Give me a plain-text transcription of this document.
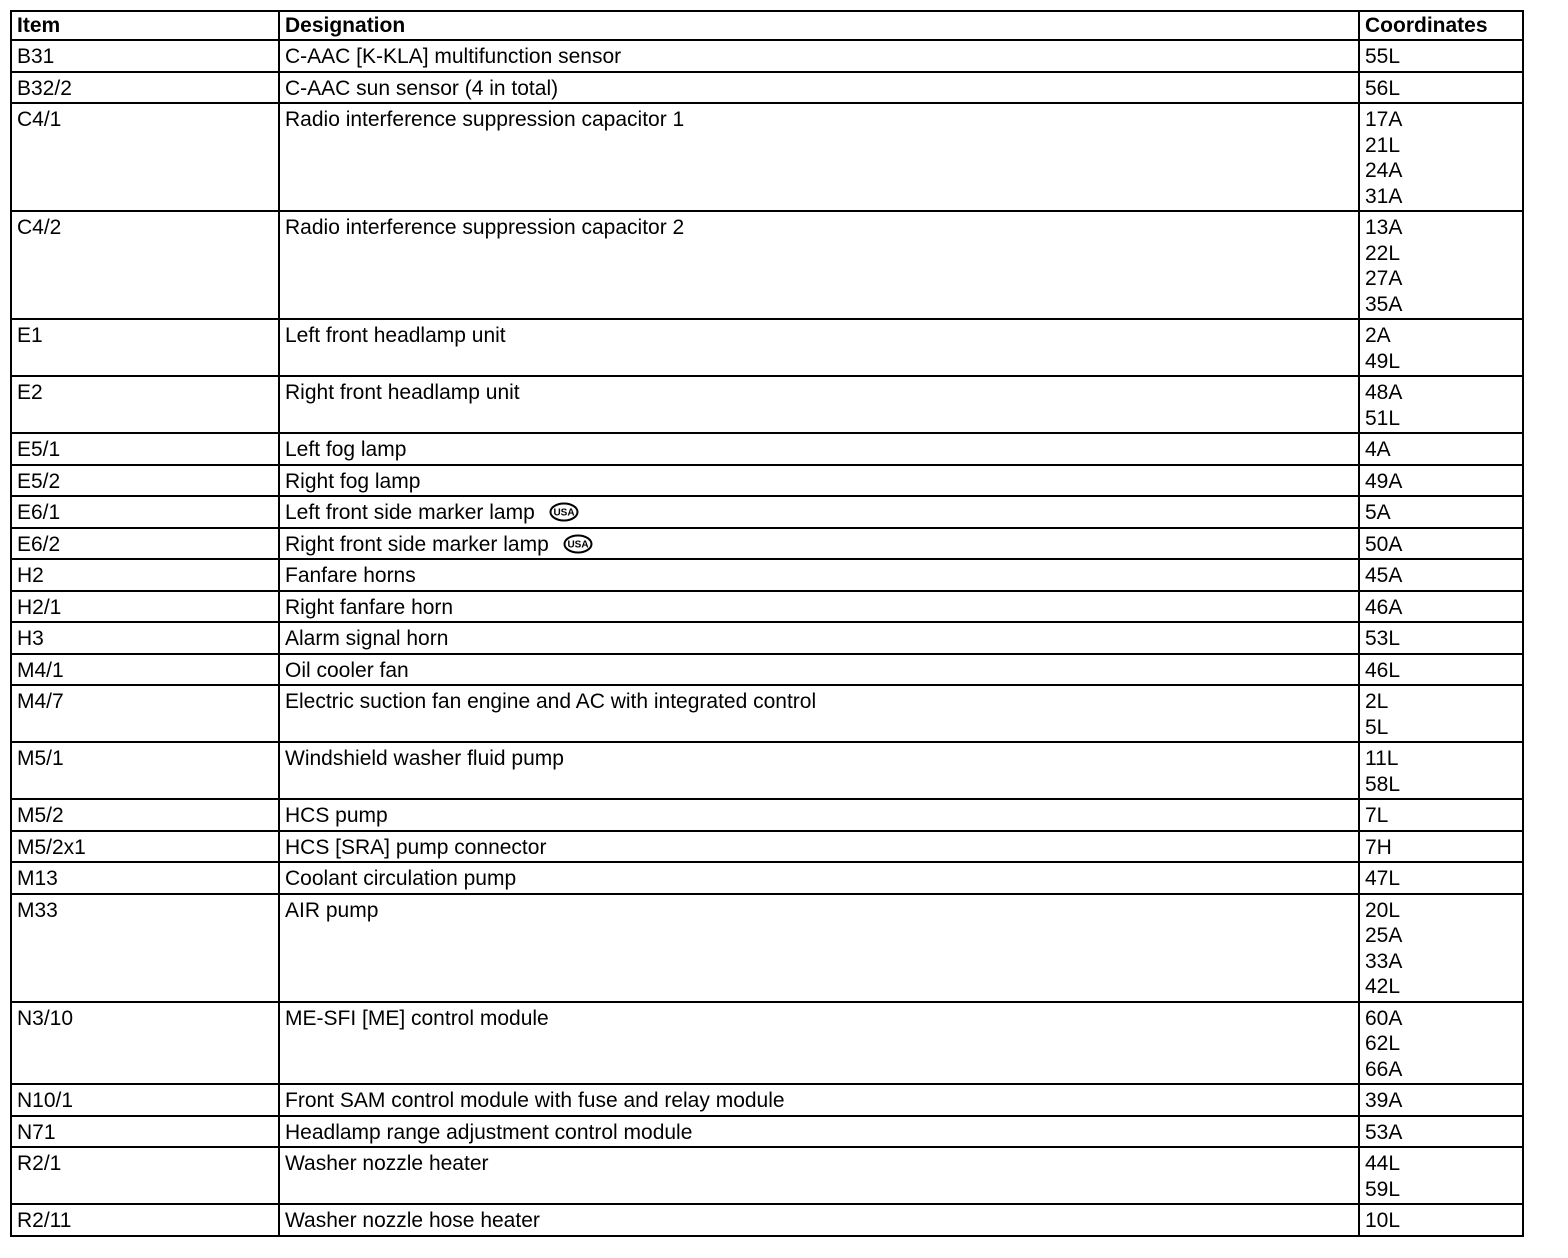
Item	Designation	Coordinates
B31	C-AAC [K-KLA] multifunction sensor	55L

B32/2	C-AAC sun sensor (4 in total)	56L

C4/1	Radio interference suppression capacitor 1	17A
21L
24A
31A

C4/2	Radio interference suppression capacitor 2	13A
22L
27A
35A

E1	Left front headlamp unit	2A
49L

E2	Right front headlamp unit	48A
51L

E5/1	Left fog lamp	4A

E5/2	Right fog lamp	49A

E6/1	Left front side marker lamp USA	5A

E6/2	Right front side marker lamp USA	50A

H2	Fanfare horns	45A

H2/1	Right fanfare horn	46A

H3	Alarm signal horn	53L

M4/1	Oil cooler fan	46L

M4/7	Electric suction fan engine and AC with integrated control	2L
5L

M5/1	Windshield washer fluid pump	11L
58L

M5/2	HCS pump	7L

M5/2x1	HCS [SRA] pump connector	7H

M13	Coolant circulation pump	47L

M33	AIR pump	20L
25A
33A
42L

N3/10	ME-SFI [ME] control module	60A
62L
66A

N10/1	Front SAM control module with fuse and relay module	39A

N71	Headlamp range adjustment control module	53A

R2/1	Washer nozzle heater	44L
59L

R2/11	Washer nozzle hose heater	10L
